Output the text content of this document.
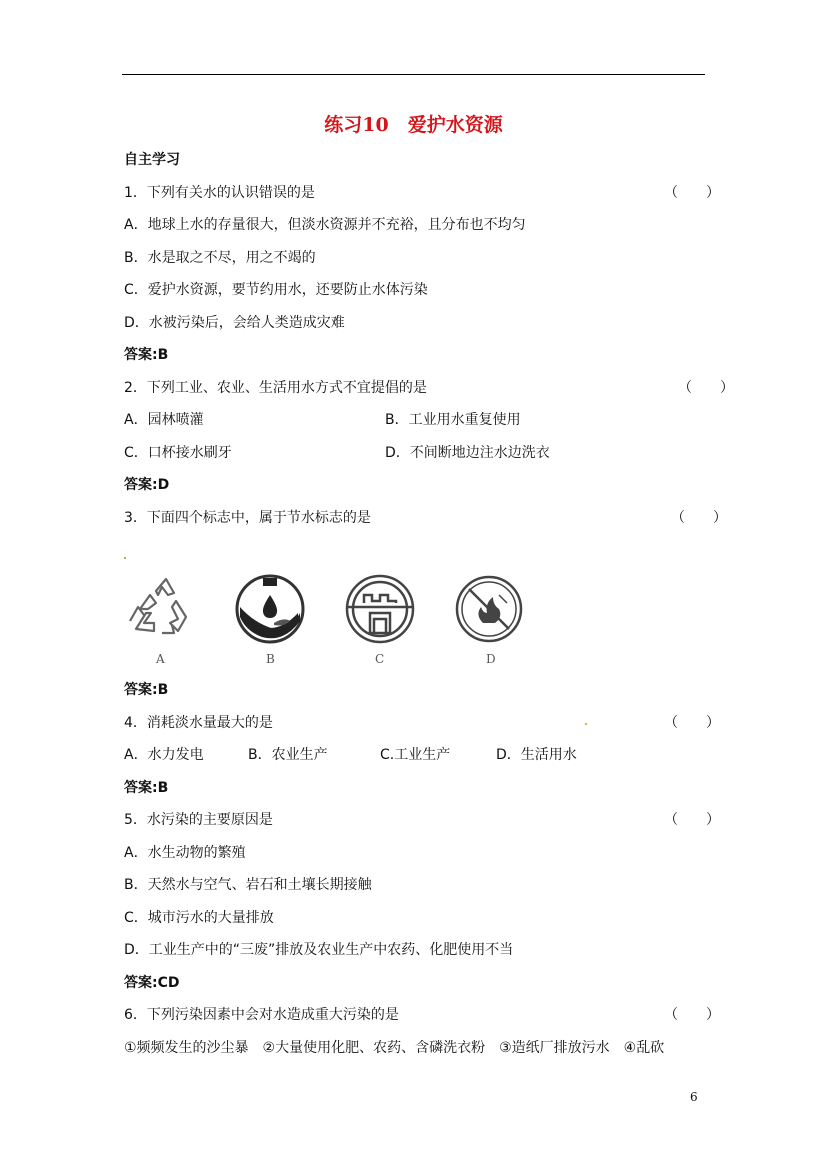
练习10　爱护水资源
自主学习
1．下列有关水的认识错误的是	（　　）
A．地球上水的存量很大，但淡水资源并不充裕，且分布也不均匀
B．水是取之不尽，用之不竭的
C．爱护水资源，要节约用水，还要防止水体污染
D．水被污染后，会给人类造成灾难
答案:B
2．下列工业、农业、生活用水方式不宜提倡的是	（　　）
A．园林喷灌	B．工业用水重复使用
C．口杯接水刷牙	D．不间断地边注水边洗衣
答案:D
3．下面四个标志中，属于节水标志的是	（　　）
A	B	C	D
答案:B
4．消耗淡水量最大的是	（　　）
A．水力发电	B．农业生产	C.工业生产	D．生活用水
答案:B
5．水污染的主要原因是	（　　）
A．水生动物的繁殖
B．天然水与空气、岩石和土壤长期接触
C．城市污水的大量排放
D．工业生产中的“三废”排放及农业生产中农药、化肥使用不当
答案:CD
6．下列污染因素中会对水造成重大污染的是	（　　）
①频频发生的沙尘暴　②大量使用化肥、农药、含磷洗衣粉　③造纸厂排放污水　④乱砍
6
